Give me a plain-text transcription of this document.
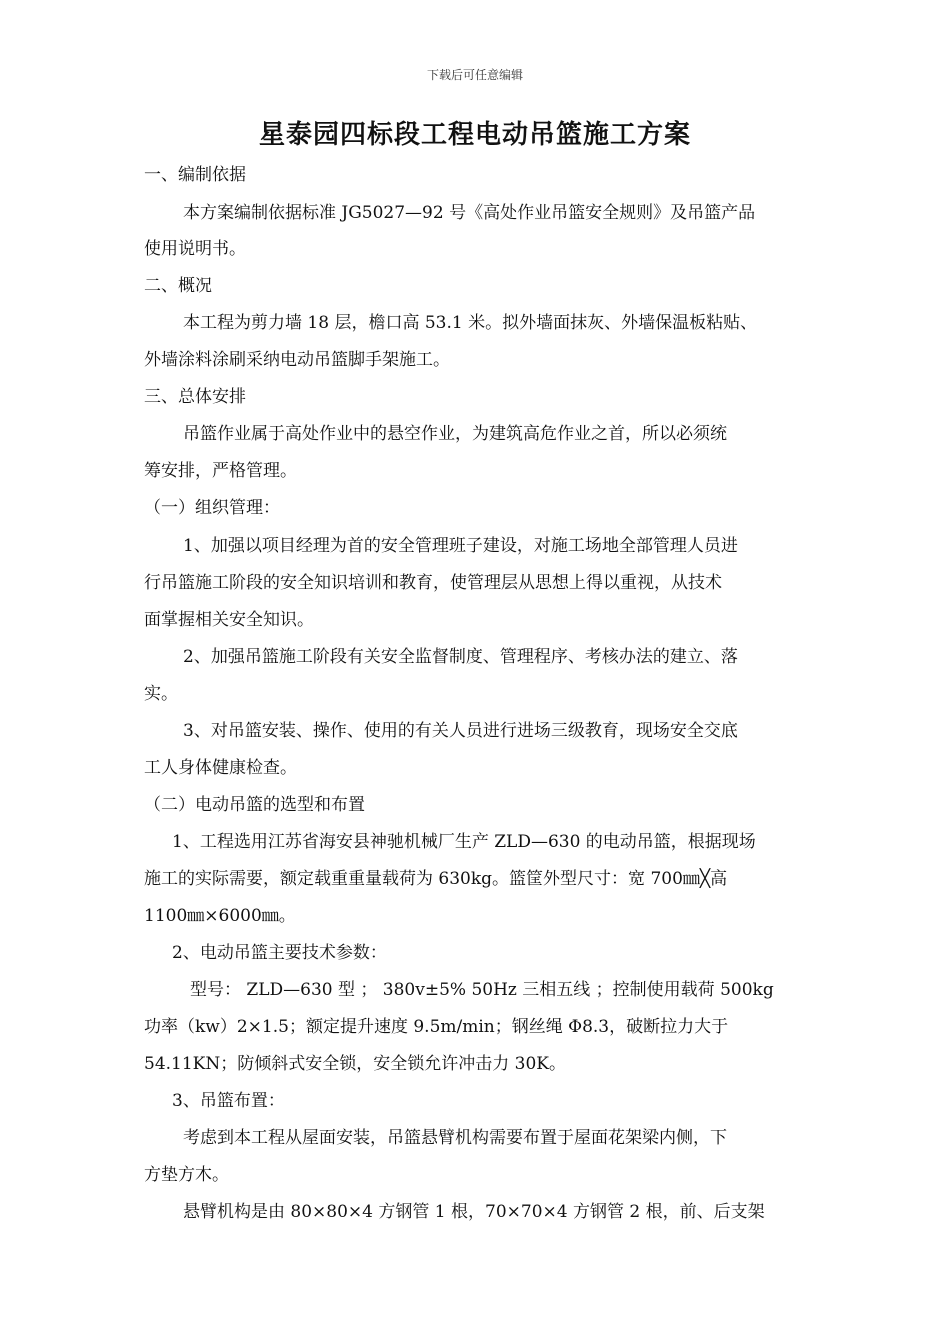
下载后可任意编辑
星泰园四标段工程电动吊篮施工方案
一、编制依据
本方案编制依据标准 JG5027—92 号《高处作业吊篮安全规则》及吊篮产品
使用说明书。
二、概况
本工程为剪力墙 18 层，檐口高 53.1 米。拟外墙面抹灰、外墙保温板粘贴、
外墙涂料涂刷采纳电动吊篮脚手架施工。
三、总体安排
吊篮作业属于高处作业中的悬空作业，为建筑高危作业之首，所以必须统
筹安排，严格管理。
（一）组织管理：
1、加强以项目经理为首的安全管理班子建设，对施工场地全部管理人员进
行吊篮施工阶段的安全知识培训和教育，使管理层从思想上得以重视，从技术
面掌握相关安全知识。
2、加强吊篮施工阶段有关安全监督制度、管理程序、考核办法的建立、落
实。
3、对吊篮安装、操作、使用的有关人员进行进场三级教育，现场安全交底
工人身体健康检查。
（二）电动吊篮的选型和布置
1、工程选用江苏省海安县神驰机械厂生产 ZLD—630 的电动吊篮，根据现场
施工的实际需要，额定载重重量载荷为 630kg。篮筐外型尺寸：宽 700㎜╳高
1100㎜×6000㎜。
2、电动吊篮主要技术参数：
型号： ZLD—630 型 ； 380v±5% 50Hz 三相五线 ；控制使用载荷 500kg
功率（kw）2×1.5；额定提升速度 9.5m/min；钢丝绳 Φ8.3，破断拉力大于
54.11KN；防倾斜式安全锁，安全锁允许冲击力 30K。
3、吊篮布置：
考虑到本工程从屋面安装，吊篮悬臂机构需要布置于屋面花架梁内侧，下
方垫方木。
悬臂机构是由 80×80×4 方钢管 1 根，70×70×4 方钢管 2 根，前、后支架
